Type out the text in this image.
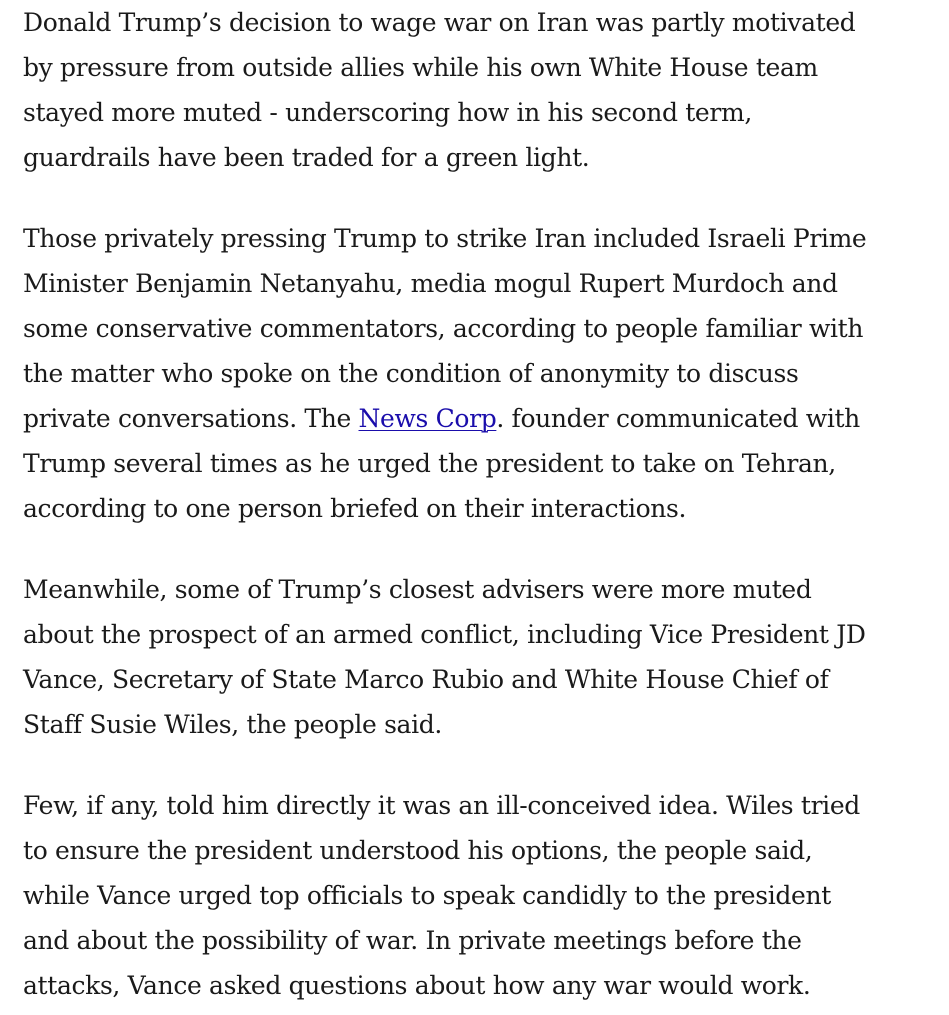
Donald Trump’s decision to wage war on Iran was partly motivated
by pressure from outside allies while his own White House team
stayed more muted - underscoring how in his second term,
guardrails have been traded for a green light.

Those privately pressing Trump to strike Iran included Israeli Prime
Minister Benjamin Netanyahu, media mogul Rupert Murdoch and
some conservative commentators, according to people familiar with
the matter who spoke on the condition of anonymity to discuss
private conversations. The News Corp. founder communicated with
Trump several times as he urged the president to take on Tehran,
according to one person briefed on their interactions.

Meanwhile, some of Trump’s closest advisers were more muted
about the prospect of an armed conflict, including Vice President JD
Vance, Secretary of State Marco Rubio and White House Chief of
Staff Susie Wiles, the people said.

Few, if any, told him directly it was an ill-conceived idea. Wiles tried
to ensure the president understood his options, the people said,
while Vance urged top officials to speak candidly to the president
and about the possibility of war. In private meetings before the
attacks, Vance asked questions about how any war would work.
